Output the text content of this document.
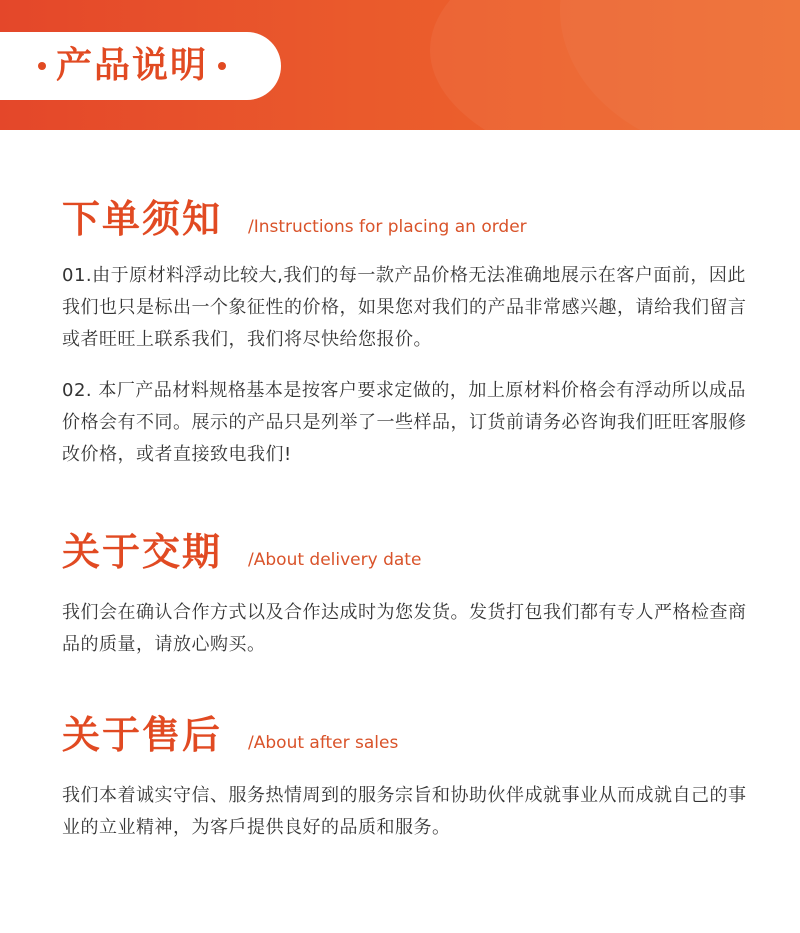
产品说明
下单须知 /Instructions for placing an order

01.由于原材料浮动比较大,我们的每一款产品价格无法准确地展示在客户面前，因此我们也只是标出一个象征性的价格，如果您对我们的产品非常感兴趣，请给我们留言或者旺旺上联系我们，我们将尽快给您报价。

02. 本厂产品材料规格基本是按客户要求定做的，加上原材料价格会有浮动所以成品价格会有不同。展示的产品只是列举了一些样品，订货前请务必咨询我们旺旺客服修改价格，或者直接致电我们!

关于交期 /About delivery date

我们会在确认合作方式以及合作达成时为您发货。发货打包我们都有专人严格检查商品的质量，请放心购买。

关于售后 /About after sales

我们本着诚实守信、服务热情周到的服务宗旨和协助伙伴成就事业从而成就自己的事业的立业精神，为客戶提供良好的品质和服务。
